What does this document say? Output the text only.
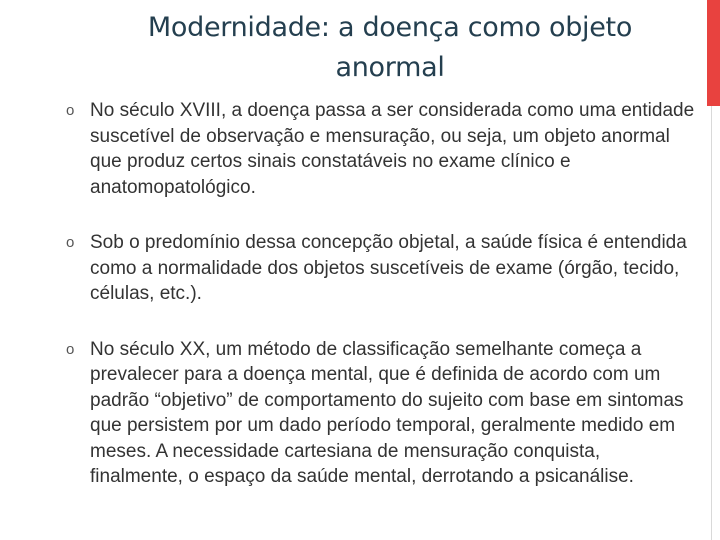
Modernidade: a doença como objeto
anormal
o No século XVIII, a doença passa a ser considerada como uma entidade suscetível de observação e mensuração, ou seja, um objeto anormal que produz certos sinais constatáveis no exame clínico e anatomopatológico.
o Sob o predomínio dessa concepção objetal, a saúde física é entendida como a normalidade dos objetos suscetíveis de exame (órgão, tecido, células, etc.).
o No século XX, um método de classificação semelhante começa a prevalecer para a doença mental, que é definida de acordo com um padrão “objetivo” de comportamento do sujeito com base em sintomas que persistem por um dado período temporal, geralmente medido em meses. A necessidade cartesiana de mensuração conquista, finalmente, o espaço da saúde mental, derrotando a psicanálise.
